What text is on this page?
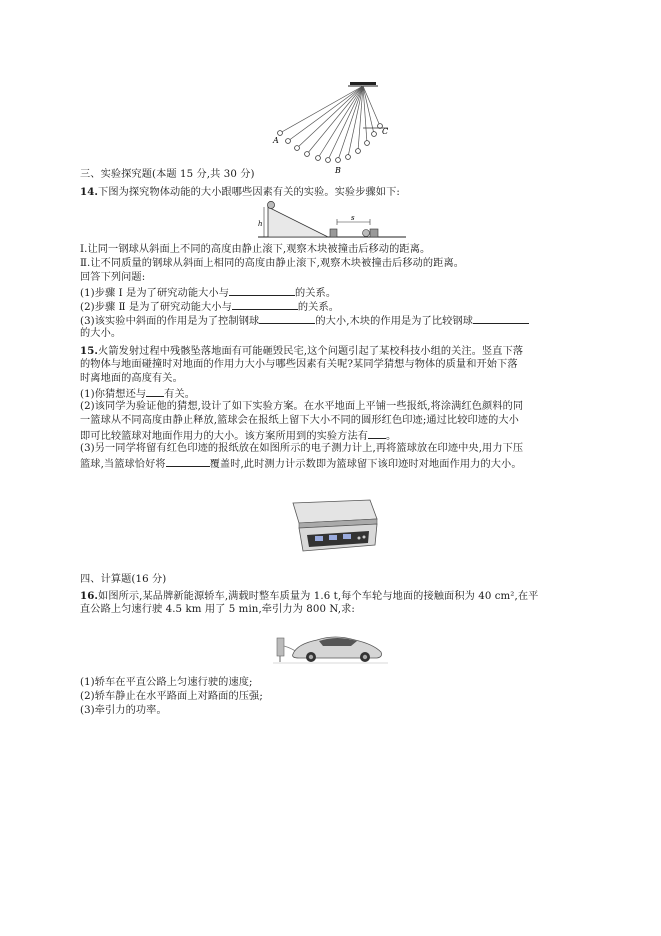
A
B
C
三、实验探究题(本题 15 分,共 30 分)
14.下图为探究物体动能的大小跟哪些因素有关的实验。实验步骤如下:
h
s
Ⅰ.让同一钢球从斜面上不同的高度由静止滚下,观察木块被撞击后移动的距离。
Ⅱ.让不同质量的钢球从斜面上相同的高度由静止滚下,观察木块被撞击后移动的距离。
回答下列问题:
(1)步骤 Ⅰ 是为了研究动能大小与	的关系。
(2)步骤 Ⅱ 是为了研究动能大小与	的关系。
(3)该实验中斜面的作用是为了控制钢球	的大小,木块的作用是为了比较钢球
的大小。
15.火箭发射过程中残骸坠落地面有可能砸毁民宅,这个问题引起了某校科技小组的关注。竖直下落
的物体与地面碰撞时对地面的作用力大小与哪些因素有关呢?某同学猜想与物体的质量和开始下落
时离地面的高度有关。
(1)你猜想还与 有关。
(2)该同学为验证他的猜想,设计了如下实验方案。在水平地面上平铺一些报纸,将涂满红色颜料的同
一篮球从不同高度由静止释放,篮球会在报纸上留下大小不同的圆形红色印迹;通过比较印迹的大小
即可比较篮球对地面作用力的大小。该方案所用到的实验方法有 。
(3)另一同学将留有红色印迹的报纸放在如图所示的电子测力计上,再将篮球放在印迹中央,用力下压
篮球,当篮球恰好将	覆盖时,此时测力计示数即为篮球留下该印迹时对地面作用力的大小。
四、计算题(16 分)
16.如图所示,某品牌新能源轿车,满载时整车质量为 1.6 t,每个车轮与地面的接触面积为 40 cm²,在平
直公路上匀速行驶 4.5 km 用了 5 min,牵引力为 800 N,求:
(1)轿车在平直公路上匀速行驶的速度;
(2)轿车静止在水平路面上对路面的压强;
(3)牵引力的功率。
